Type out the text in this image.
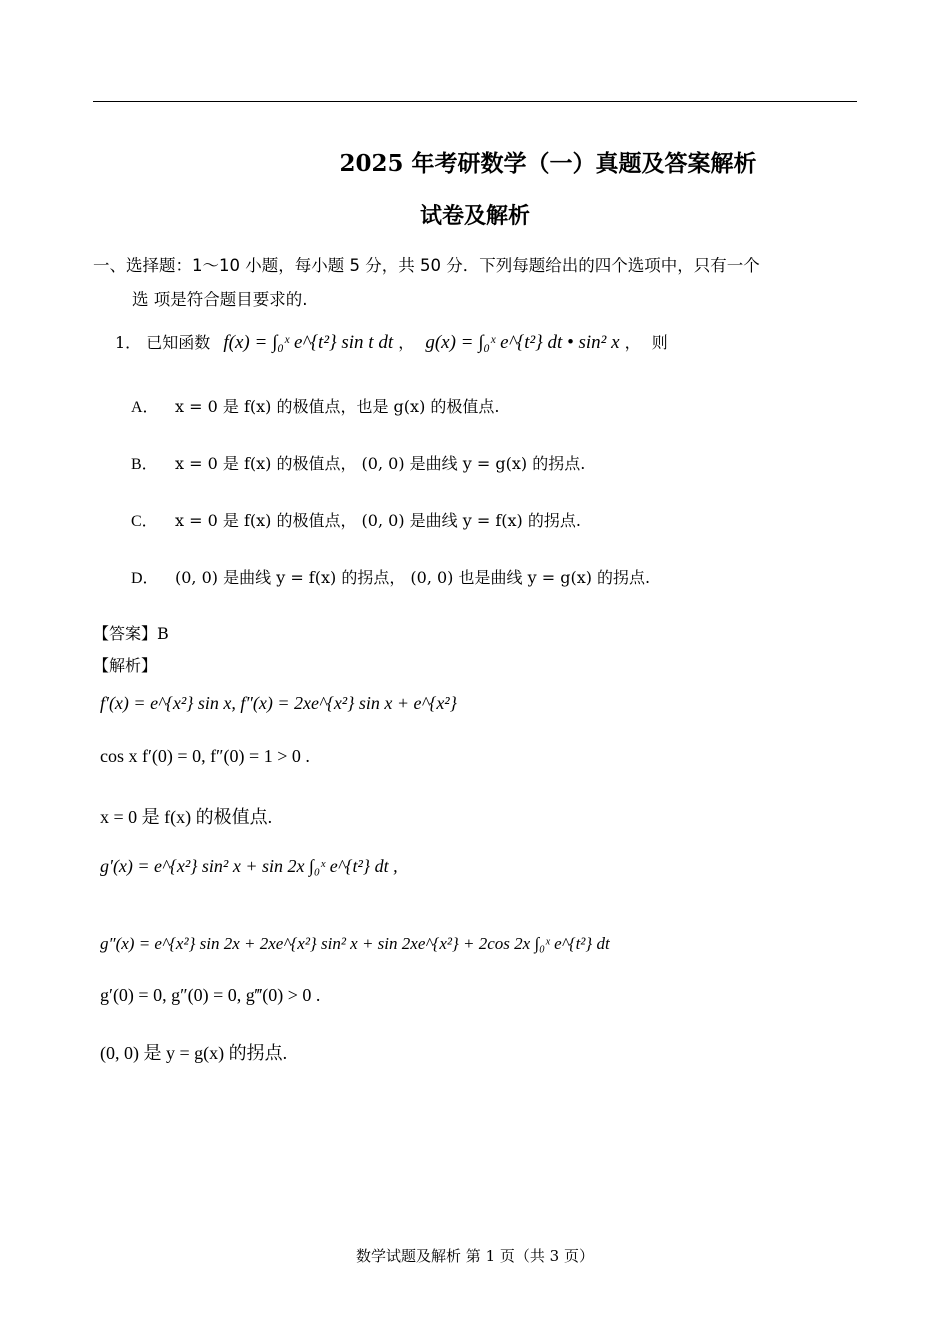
2025 年考研数学（一）真题及答案解析
试卷及解析
一、选择题：1～10 小题，每小题 5 分，共 50 分．下列每题给出的四个选项中，只有一个
选 项是符合题目要求的.
1． 已知函数 f(x) = ∫₀ˣ e^{t²} sin t dt ， g(x) = ∫₀ˣ e^{t²} dt • sin² x ， 则
A． x = 0 是 f(x) 的极值点，也是 g(x) 的极值点.
B． x = 0 是 f(x) 的极值点， (0, 0) 是曲线 y = g(x) 的拐点.
C． x = 0 是 f(x) 的极值点， (0, 0) 是曲线 y = f(x) 的拐点.
D． (0, 0) 是曲线 y = f(x) 的拐点， (0, 0) 也是曲线 y = g(x) 的拐点.
【答案】B
【解析】
f′(x) = e^{x²} sin x, f″(x) = 2xe^{x²} sin x + e^{x²}
cos x f′(0) = 0, f″(0) = 1 > 0 .
x = 0 是 f(x) 的极值点.
g′(x) = e^{x²} sin² x + sin 2x ∫₀ˣ e^{t²} dt ,
g″(x) = e^{x²} sin 2x + 2xe^{x²} sin² x + sin 2xe^{x²} + 2cos 2x ∫₀ˣ e^{t²} dt
g′(0) = 0, g″(0) = 0, g‴(0) > 0 .
(0, 0) 是 y = g(x) 的拐点.
数学试题及解析 第 1 页（共 3 页）
